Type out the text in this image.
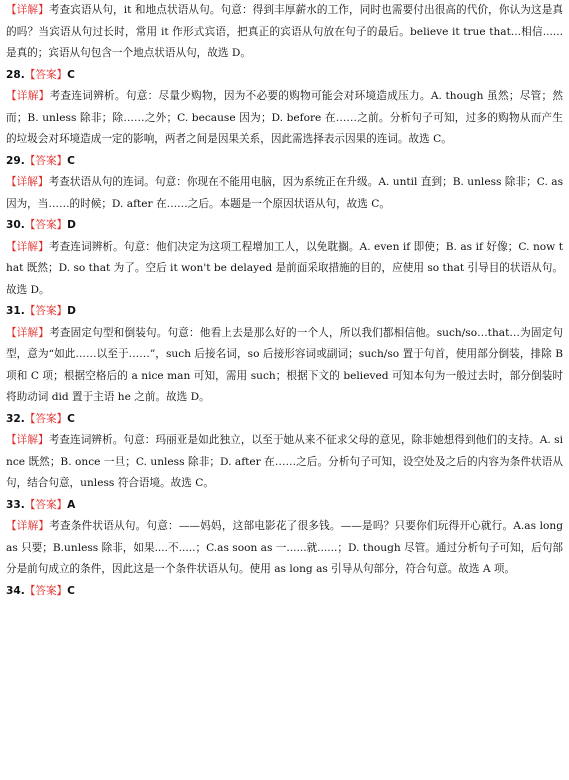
【详解】考查宾语从句，it 和地点状语从句。句意：得到丰厚薪水的工作，同时也需要付出很高的代价，你认为这是真的吗？当宾语从句过长时，常用 it 作形式宾语，把真正的宾语从句放在句子的最后。believe it true that...相信......是真的；宾语从句包含一个地点状语从句，故选 D。

28.【答案】C

【详解】考查连词辨析。句意：尽量少购物，因为不必要的购物可能会对环境造成压力。A. though 虽然；尽管；然而；B. unless 除非；除……之外；C. because 因为；D. before 在……之前。分析句子可知，过多的购物从而产生的垃圾会对环境造成一定的影响，两者之间是因果关系，因此需选择表示因果的连词。故选 C。

29.【答案】C

【详解】考查状语从句的连词。句意：你现在不能用电脑，因为系统正在升级。A. until 直到；B. unless 除非；C. as 因为，当……的时候；D. after 在……之后。本题是一个原因状语从句，故选 C。

30.【答案】D

【详解】考查连词辨析。句意：他们决定为这项工程增加工人，以免耽搁。A. even if 即使；B. as if 好像；C. now that 既然；D. so that 为了。空后 it won't be delayed 是前面采取措施的目的，应使用 so that 引导目的状语从句。故选 D。

31.【答案】D

【详解】考查固定句型和倒装句。句意：他看上去是那么好的一个人，所以我们都相信他。such/so…that…为固定句型，意为“如此……以至于……”，such 后接名词，so 后接形容词或副词；such/so 置于句首，使用部分倒装，排除 B 项和 C 项；根据空格后的 a nice man 可知，需用 such；根据下文的 believed 可知本句为一般过去时，部分倒装时将助动词 did 置于主语 he 之前。故选 D。

32.【答案】C

【详解】考查连词辨析。句意：玛丽亚是如此独立，以至于她从来不征求父母的意见，除非她想得到他们的支持。A. since 既然；B. once 一旦；C. unless 除非；D. after 在……之后。分析句子可知，设空处及之后的内容为条件状语从句，结合句意，unless 符合语境。故选 C。

33.【答案】A

【详解】考查条件状语从句。句意：——妈妈，这部电影花了很多钱。——是吗？只要你们玩得开心就行。A.as long as 只要；B.unless 除非，如果....不.....；C.as soon as 一......就......；D. though 尽管。通过分析句子可知，后句部分是前句成立的条件，因此这是一个条件状语从句。使用 as long as 引导从句部分，符合句意。故选 A 项。

34.【答案】C
